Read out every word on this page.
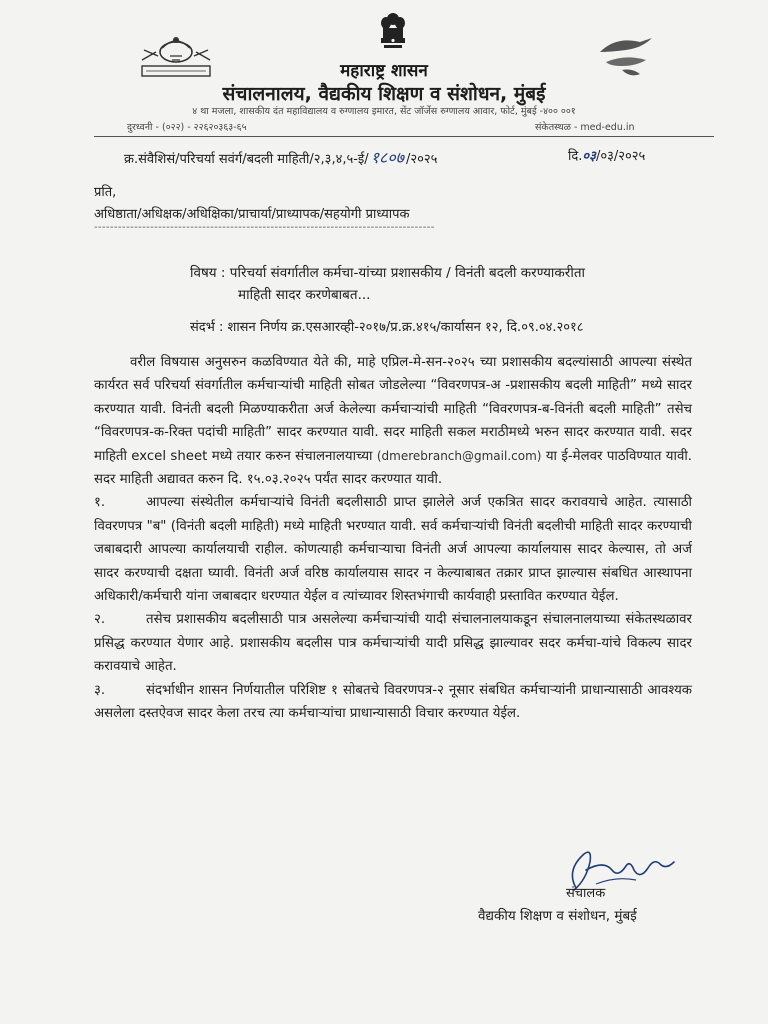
महाराष्ट्र शासन
संचालनालय, वैद्यकीय शिक्षण व संशोधन, मुंबई
४ था मजला, शासकीय दंत महाविद्यालय व रुग्णालय इमारत, सेंट जॉर्जेस रुग्णालय आवार, फोर्ट, मुंबई -४०० ००१
दुरध्वनी - (०२२) - २२६२०३६३-६५	संकेतस्थळ - med-edu.in
क्र.संवैशिसं/परिचर्या सवंर्ग/बदली माहिती/२,३,४,५-ई/ १८०७ /२०२५	दि.०३/०३/२०२५
प्रति,
अधिष्ठाता/अधिक्षक/अधिक्षिका/प्राचार्या/प्राध्यापक/सहयोगी प्राध्यापक
-------------------------------------------------------------------------------------
विषय : परिचर्या संवर्गातील कर्मचा-यांच्या प्रशासकीय / विनंती बदली करण्याकरीता
माहिती सादर करणेबाबत...
संदर्भ : शासन निर्णय क्र.एसआरव्ही-२०१७/प्र.क्र.४१५/कार्यासन १२, दि.०९.०४.२०१८

वरील विषयास अनुसरुन कळविण्यात येते की, माहे एप्रिल-मे-सन-२०२५ च्या प्रशासकीय बदल्यांसाठी आपल्या संस्थेत कार्यरत सर्व परिचर्या संवर्गातील कर्मचाऱ्यांची माहिती सोबत जोडलेल्या “विवरणपत्र-अ -प्रशासकीय बदली माहिती” मध्ये सादर करण्यात यावी. विनंती बदली मिळण्याकरीता अर्ज केलेल्या कर्मचाऱ्यांची माहिती “विवरणपत्र-ब-विनंती बदली माहिती” तसेच “विवरणपत्र-क-रिक्त पदांची माहिती” सादर करण्यात यावी. सदर माहिती सकल मराठीमध्ये भरुन सादर करण्यात यावी. सदर माहिती excel sheet मध्ये तयार करुन संचालनालयाच्या (dmerebranch@gmail.com) या ई-मेलवर पाठविण्यात यावी. सदर माहिती अद्यावत करुन दि. १५.०३.२०२५ पर्यंत सादर करण्यात यावी.

१.	आपल्या संस्थेतील कर्मचाऱ्यांचे विनंती बदलीसाठी प्राप्त झालेले अर्ज एकत्रित सादर करावयाचे आहेत. त्यासाठी विवरणपत्र "ब" (विनंती बदली माहिती) मध्ये माहिती भरण्यात यावी. सर्व कर्मचाऱ्यांची विनंती बदलीची माहिती सादर करण्याची जबाबदारी आपल्या कार्यालयाची राहील. कोणत्याही कर्मचाऱ्याचा विनंती अर्ज आपल्या कार्यालयास सादर केल्यास, तो अर्ज सादर करण्याची दक्षता घ्यावी. विनंती अर्ज वरिष्ठ कार्यालयास सादर न केल्याबाबत तक्रार प्राप्त झाल्यास संबधित आस्थापना अधिकारी/कर्मचारी यांना जबाबदार धरण्यात येईल व त्यांच्यावर शिस्तभंगाची कार्यवाही प्रस्तावित करण्यात येईल.

२.	तसेच प्रशासकीय बदलीसाठी पात्र असलेल्या कर्मचाऱ्यांची यादी संचालनालयाकडून संचालनालयाच्या संकेतस्थळावर प्रसिद्ध करण्यात येणार आहे. प्रशासकीय बदलीस पात्र कर्मचाऱ्यांची यादी प्रसिद्ध झाल्यावर सदर कर्मचा-यांचे विकल्प सादर करावयाचे आहेत.

३.	संदर्भाधीन शासन निर्णयातील परिशिष्ट १ सोबतचे विवरणपत्र-२ नूसार संबधित कर्मचाऱ्यांनी प्राधान्यासाठी आवश्यक असलेला दस्तऐवज सादर केला तरच त्या कर्मचाऱ्यांचा प्राधान्यासाठी विचार करण्यात येईल.

संचालक
वैद्यकीय शिक्षण व संशोधन, मुंबई
